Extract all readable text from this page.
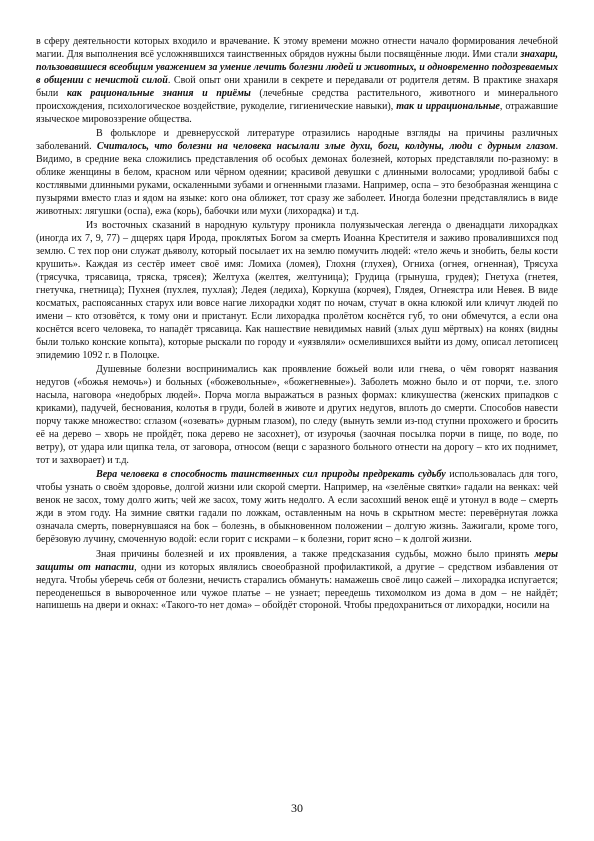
в сферу деятельности которых входило и врачевание. К этому времени можно отнести начало формирования лечебной магии. Для выполнения всё усложнявшихся таинственных обрядов нужны были посвящённые люди. Ими стали знахари, пользовавшиеся всеобщим уважением за умение лечить болезни людей и животных, и одновременно подозреваемых в общении с нечистой силой. Свой опыт они хранили в секрете и передавали от родителя детям. В практике знахаря были как рациональные знания и приёмы (лечебные средства растительного, животного и минерального происхождения, психологическое воздействие, рукоделие, гигиенические навыки), так и иррациональные, отражавшие языческое мировоззрение общества.

В фольклоре и древнерусской литературе отразились народные взгляды на причины различных заболеваний. Считалось, что болезни на человека насылали злые духи, боги, колдуны, люди с дурным глазом. Видимо, в средние века сложились представления об особых демонах болезней, которых представляли по-разному: в облике женщины в белом, красном или чёрном одеянии; красивой девушки с длинными волосами; уродливой бабы с костлявыми длинными руками, оскаленными зубами и огненными глазами. Например, оспа – это безобразная женщина с пузырями вместо глаз и ядом на языке: кого она оближет, тот сразу же заболеет. Иногда болезни представлялись в виде животных: лягушки (оспа), ежа (корь), бабочки или мухи (лихорадка) и т.д.

Из восточных сказаний в народную культуру проникла полуязыческая легенда о двенадцати лихорадках (иногда их 7, 9, 77) – дщерях царя Ирода, проклятых Богом за смерть Иоанна Крестителя и заживо провалившихся под землю. С тех пор они служат дьяволу, который посылает их на землю помучить людей: «тело жечь и знобить, белы кости крушить». Каждая из сестёр имеет своё имя: Ломиха (ломея), Глохня (глухея), Огниха (огнея, огненная), Трясуха (трясучка, трясавица, тряска, трясея); Желтуха (желтея, желтуница); Грудица (грынуша, грудея); Гнетуха (гнетея, гнетучка, гнетница); Пухнея (пухлея, пухлая); Ледея (ледиха), Коркуша (корчея), Глядея, Огнеястра или Невея. В виде косматых, распоясанных старух или вовсе нагие лихорадки ходят по ночам, стучат в окна клюкой или кличут людей по имени – кто отзовётся, к тому они и пристанут. Если лихорадка пролётом коснётся губ, то они обмечутся, а если она коснётся всего человека, то нападёт трясавица. Как нашествие невидимых навий (злых душ мёртвых) на конях (видны были только конские копыта), которые рыскали по городу и «уязвляли» осмелившихся выйти из дому, описал летописец эпидемию 1092 г. в Полоцке.

Душевные болезни воспринимались как проявление божьей воли или гнева, о чём говорят названия недугов («божья немочь») и больных («божевольные», «божегневные»). Заболеть можно было и от порчи, т.е. злого насыла, наговора «недобрых людей». Порча могла выражаться в разных формах: кликушества (женских припадков с криками), падучей, беснования, колотья в груди, болей в животе и других недугов, вплоть до смерти. Способов навести порчу также множество: сглазом («озевать» дурным глазом), по следу (вынуть земли из-под ступни прохожего и бросить её на дерево – хворь не пройдёт, пока дерево не засохнет), от изурочья (заочная посылка порчи в пище, по воде, по ветру), от удара или щипка тела, от заговора, относом (вещи с заразного больного отнести на дорогу – кто их поднимет, тот и захворает) и т.д.

Вера человека в способность таинственных сил природы предрекать судьбу использовалась для того, чтобы узнать о своём здоровье, долгой жизни или скорой смерти. Например, на «зелёные святки» гадали на венках: чей венок не засох, тому долго жить; чей же засох, тому жить недолго. А если засохший венок ещё и утонул в воде – смерть жди в этом году. На зимние святки гадали по ложкам, оставленным на ночь в скрытном месте: перевёрнутая ложка означала смерть, повернувшаяся на бок – болезнь, в обыкновенном положении – долгую жизнь. Зажигали, кроме того, берёзовую лучину, смоченную водой: если горит с искрами – к болезни, горит ясно – к долгой жизни.

Зная причины болезней и их проявления, а также предсказания судьбы, можно было принять меры защиты от напасти, одни из которых являлись своеобразной профилактикой, а другие – средством избавления от недуга. Чтобы уберечь себя от болезни, нечисть старались обмануть: намажешь своё лицо сажей – лихорадка испугается; переоденешься в вывороченное или чужое платье – не узнает; переедешь тихомолком из дома в дом – не найдёт; напишешь на двери и окнах: «Такого-то нет дома» – обойдёт стороной. Чтобы предохраниться от лихорадки, носили на

30
